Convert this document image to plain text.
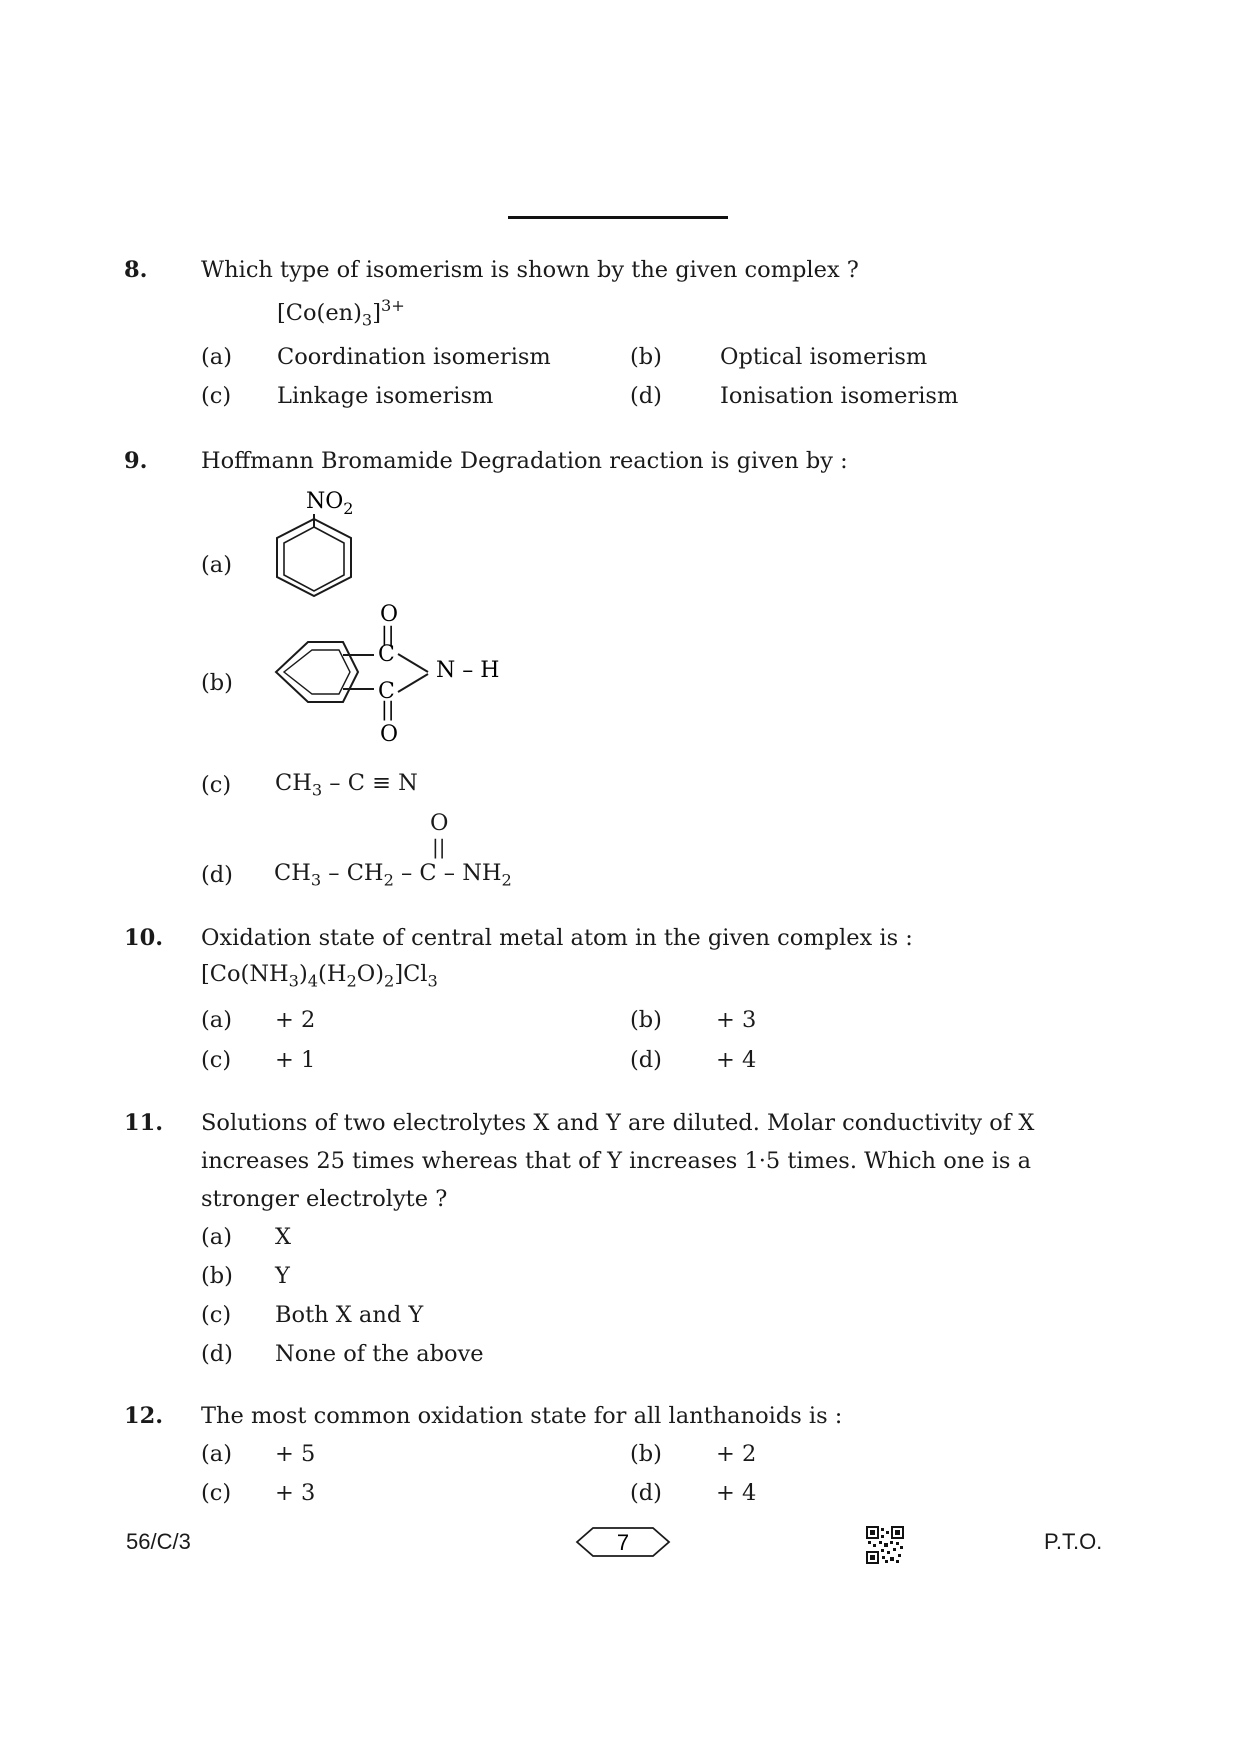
8. Which type of isomerism is shown by the given complex ?
$[Co(en)_3]^{3+}$
(a) Coordination isomerism	(b)	Optical isomerism
(c) Linkage isomerism	(d)	Ionisation isomerism
9. Hoffmann Bromamide Degradation reaction is given by :
(a)
$NO_2$
(b)
O
||
C
C
||
O
N – H
(c) $CH_3 - C \equiv N$
O
||
(d) $CH_3 - CH_2$ – C – $NH_2$
10. Oxidation state of central metal atom in the given complex is :
$[Co(NH_3)_4(H_2O)_2]Cl_3$
(a) + 2	(b) + 3
(c) + 1	(d) + 4
11. Solutions of two electrolytes X and Y are diluted. Molar conductivity of X
increases 25 times whereas that of Y increases 1·5 times. Which one is a
stronger electrolyte ?
(a) X
(b) Y
(c) Both X and Y
(d) None of the above
12. The most common oxidation state for all lanthanoids is :
(a) + 5	(b) + 2
(c) + 3	(d) + 4
56/C/3	7	P.T.O.
